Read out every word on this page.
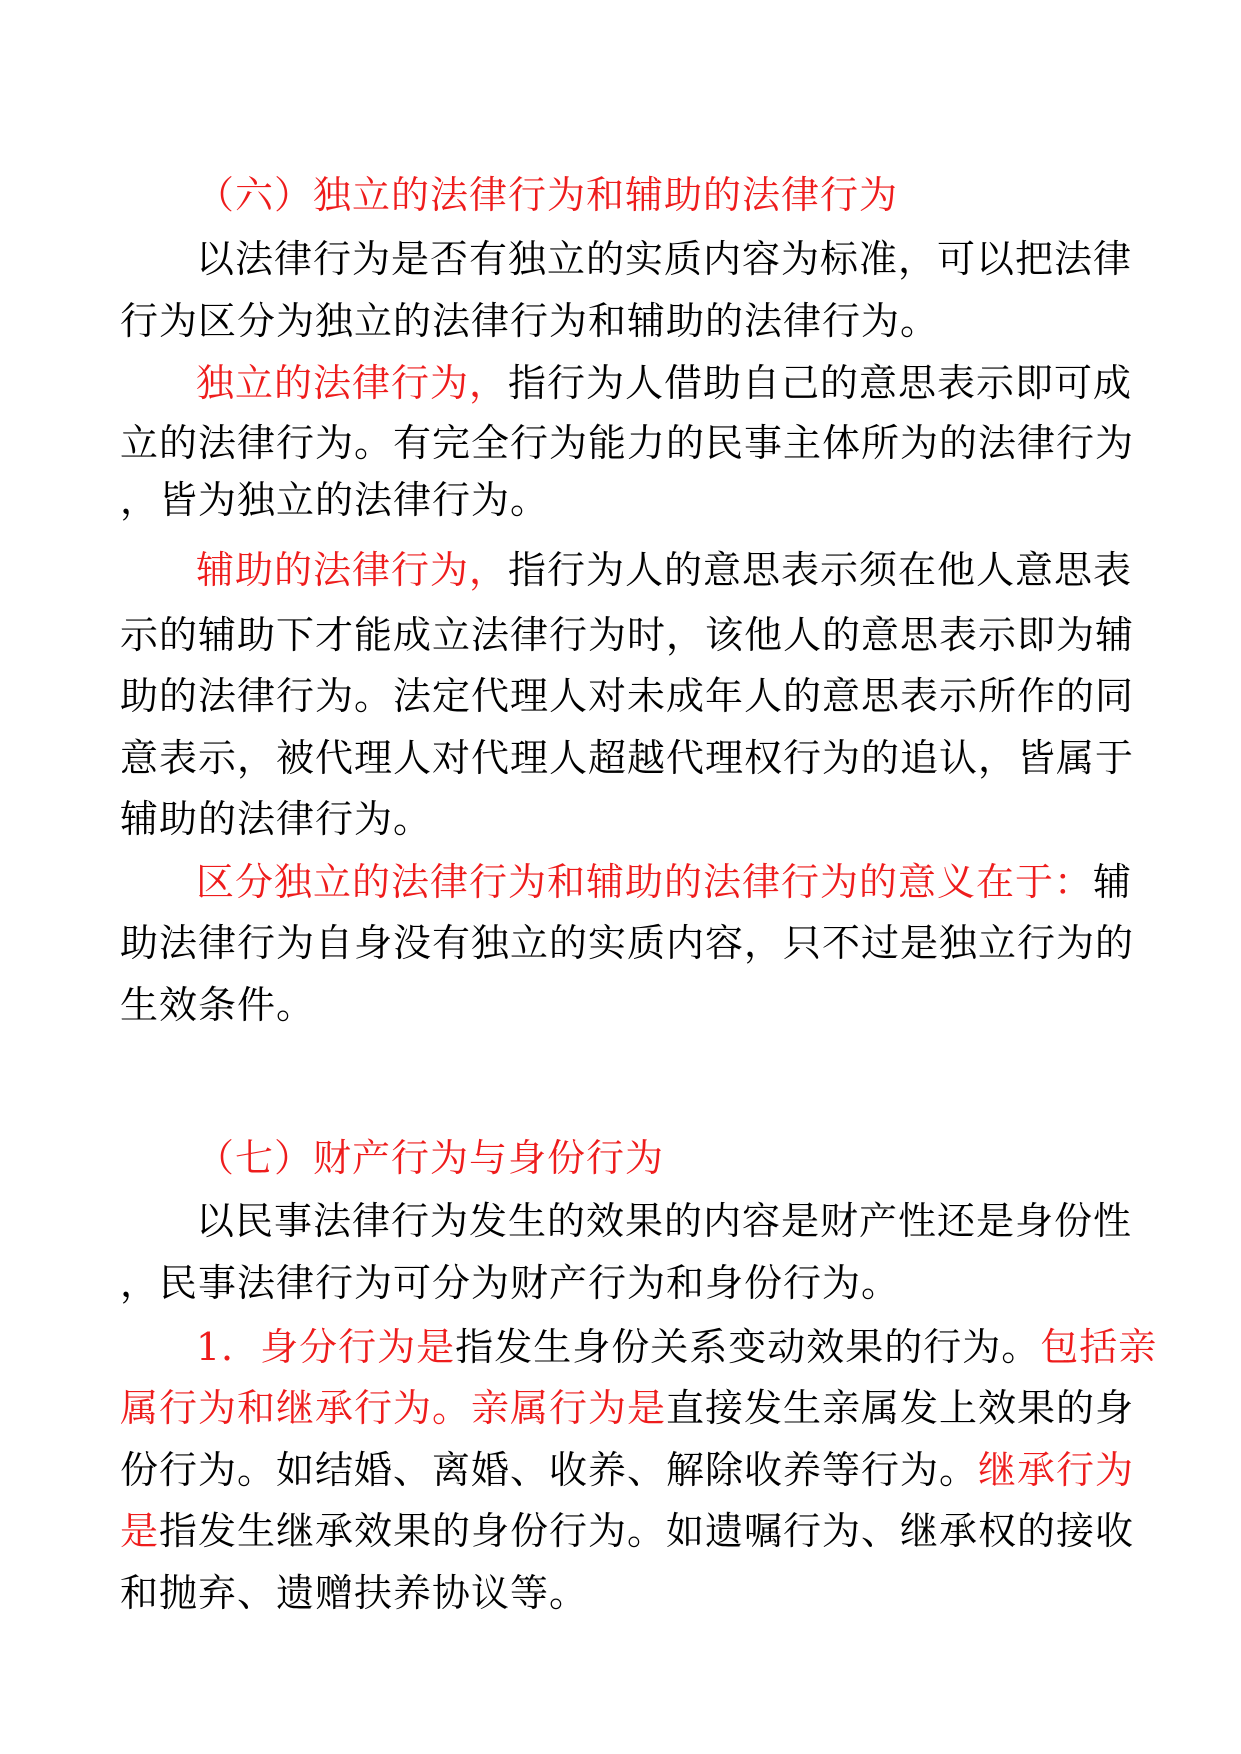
（六）独立的法律行为和辅助的法律行为
以法律行为是否有独立的实质内容为标准，可以把法律
行为区分为独立的法律行为和辅助的法律行为。
独立的法律行为，指行为人借助自己的意思表示即可成
立的法律行为。有完全行为能力的民事主体所为的法律行为
，皆为独立的法律行为。
辅助的法律行为，指行为人的意思表示须在他人意思表
示的辅助下才能成立法律行为时，该他人的意思表示即为辅
助的法律行为。法定代理人对未成年人的意思表示所作的同
意表示，被代理人对代理人超越代理权行为的追认，皆属于
辅助的法律行为。
区分独立的法律行为和辅助的法律行为的意义在于：辅
助法律行为自身没有独立的实质内容，只不过是独立行为的
生效条件。
（七）财产行为与身份行为
以民事法律行为发生的效果的内容是财产性还是身份性
，民事法律行为可分为财产行为和身份行为。
1．身分行为是指发生身份关系变动效果的行为。包括亲
属行为和继承行为。亲属行为是直接发生亲属发上效果的身
份行为。如结婚、离婚、收养、解除收养等行为。继承行为
是指发生继承效果的身份行为。如遗嘱行为、继承权的接收
和抛弃、遗赠扶养协议等。
